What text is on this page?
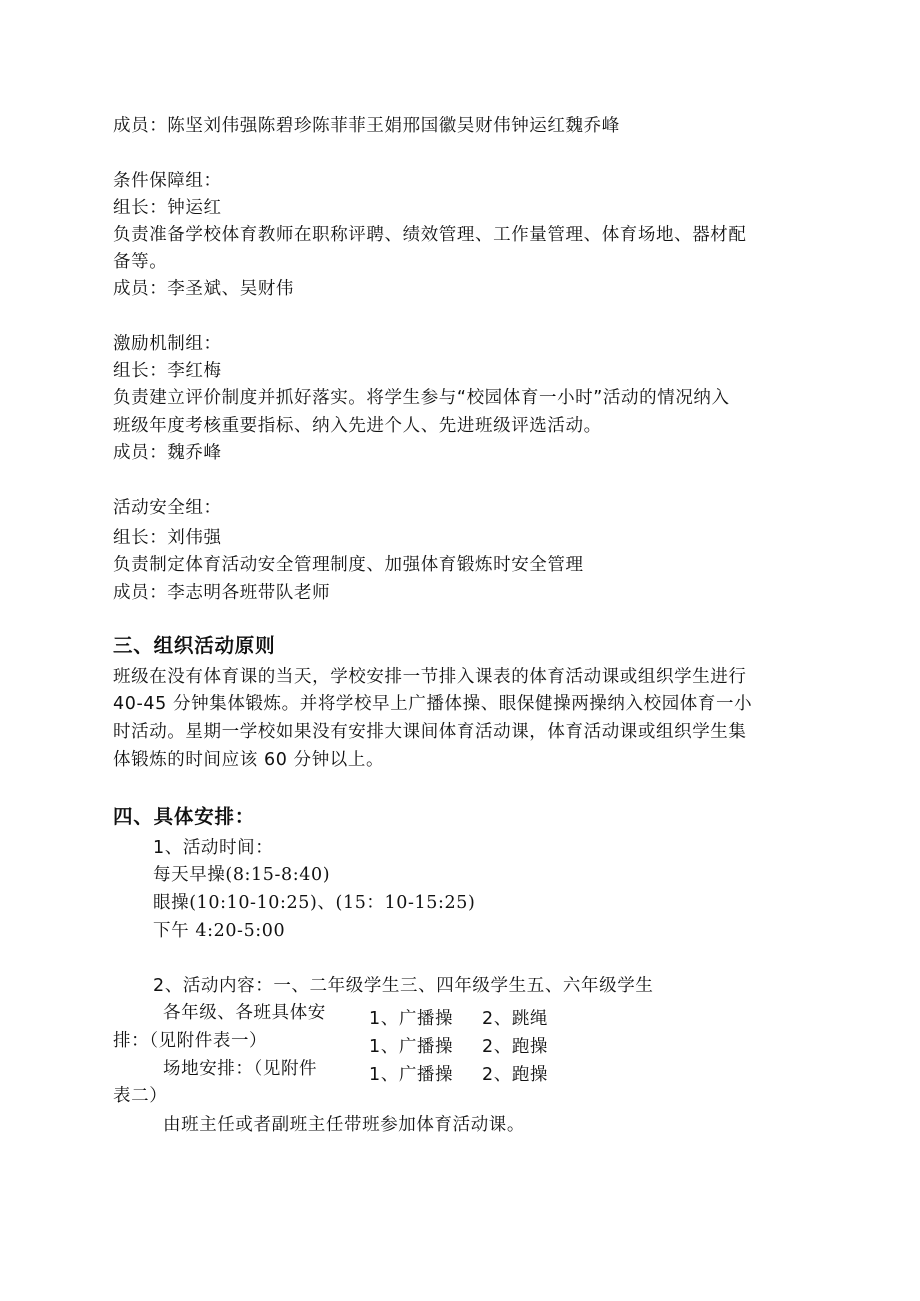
成员：陈坚刘伟强陈碧珍陈菲菲王娟邢国徽吴财伟钟运红魏乔峰
条件保障组：
组长：钟运红
负责准备学校体育教师在职称评聘、绩效管理、工作量管理、体育场地、器材配
备等。
成员：李圣斌、吴财伟
激励机制组：
组长：李红梅
负责建立评价制度并抓好落实。将学生参与“校园体育一小时”活动的情况纳入
班级年度考核重要指标、纳入先进个人、先进班级评选活动。
成员：魏乔峰
活动安全组：
组长：刘伟强
负责制定体育活动安全管理制度、加强体育锻炼时安全管理
成员：李志明各班带队老师
三、组织活动原则
班级在没有体育课的当天，学校安排一节排入课表的体育活动课或组织学生进行
40-45 分钟集体锻炼。并将学校早上广播体操、眼保健操两操纳入校园体育一小
时活动。星期一学校如果没有安排大课间体育活动课，体育活动课或组织学生集
体锻炼的时间应该 60 分钟以上。
四、具体安排：
1、活动时间：
每天早操(8:15-8:40)
眼操(10:10-10:25)、(15：10-15:25)
下午 4:20-5:00
2、活动内容：一、二年级学生三、四年级学生五、六年级学生
各年级、各班具体安
排：（见附件表一）
场地安排：（见附件
表二）
1、广播操 2、跳绳
1、广播操 2、跑操
1、广播操 2、跑操
由班主任或者副班主任带班参加体育活动课。
